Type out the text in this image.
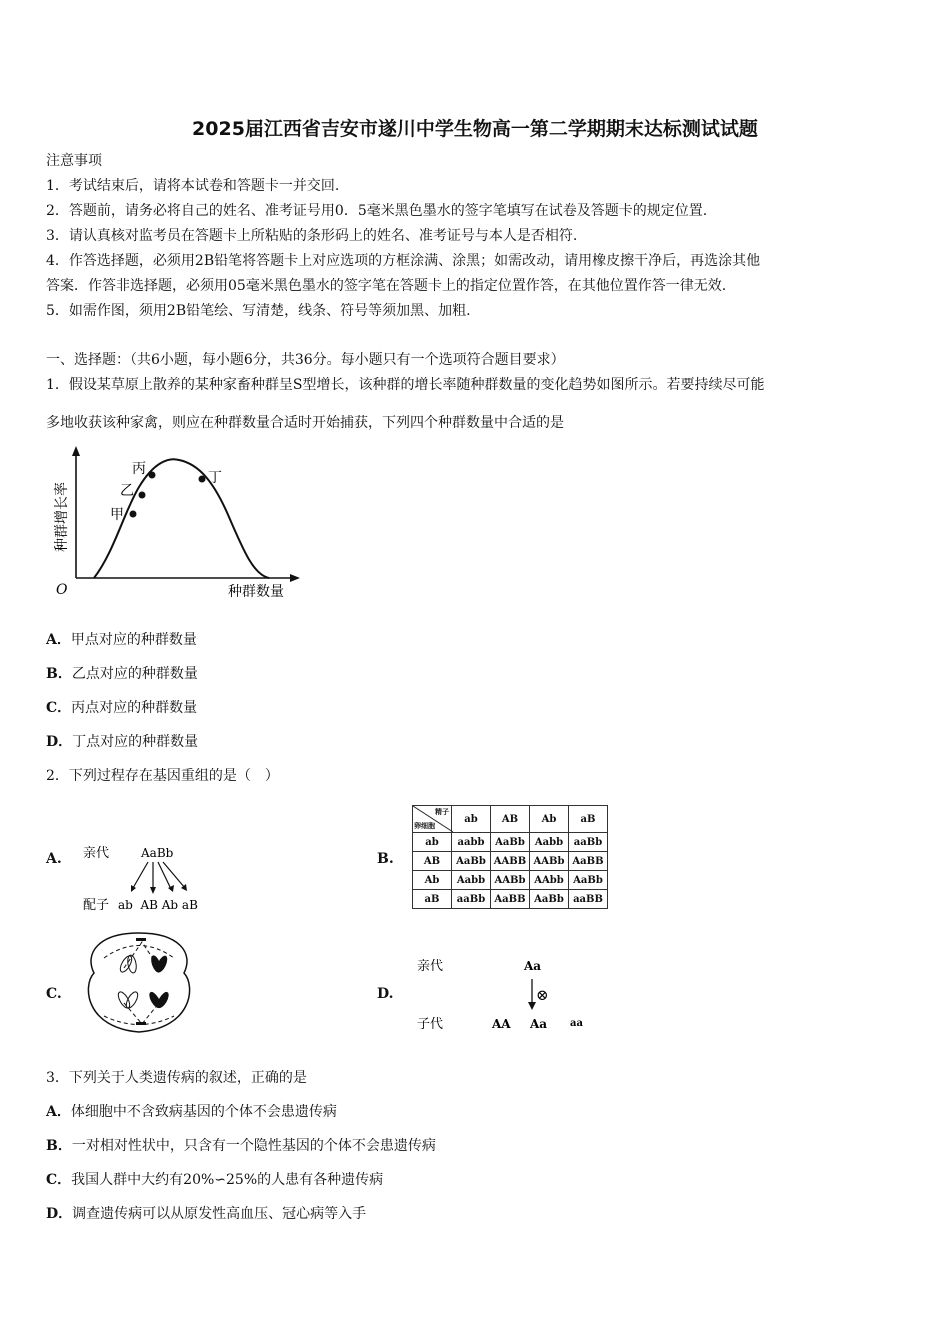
2025届江西省吉安市遂川中学生物高一第二学期期末达标测试试题
注意事项
1．考试结束后，请将本试卷和答题卡一并交回.
2．答题前，请务必将自己的姓名、准考证号用0．5毫米黑色墨水的签字笔填写在试卷及答题卡的规定位置.
3．请认真核对监考员在答题卡上所粘贴的条形码上的姓名、准考证号与本人是否相符.
4．作答选择题，必须用2B铅笔将答题卡上对应选项的方框涂满、涂黑；如需改动，请用橡皮擦干净后，再选涂其他
答案．作答非选择题，必须用05毫米黑色墨水的签字笔在答题卡上的指定位置作答，在其他位置作答一律无效.
5．如需作图，须用2B铅笔绘、写清楚，线条、符号等须加黑、加粗.
一、选择题：（共6小题，每小题6分，共36分。每小题只有一个选项符合题目要求）
1．假设某草原上散养的某种家畜种群呈S型增长，该种群的增长率随种群数量的变化趋势如图所示。若要持续尽可能
多地收获该种家禽，则应在种群数量合适时开始捕获，下列四个种群数量中合适的是
甲
乙
丙
丁
O	种群数量
种群增长率
A．甲点对应的种群数量
B．乙点对应的种群数量
C．丙点对应的种群数量
D．丁点对应的种群数量
2．下列过程存在基因重组的是（　）
A. 亲代	AaBb
配子 ab  AB Ab aB
B.
精子
卵细胞	ab	AB	Ab	aB
ab	aabb	AaBb	Aabb	aaBb
AB	AaBb	AABB	AABb	AaBB
Ab	Aabb	AABb	AAbb	AaBb
aB	aaBb	AaBB	AaBb	aaBB
C.	D.
亲代	Aa
⊗
子代	AA Aa aa
3．下列关于人类遗传病的叙述，正确的是
A．体细胞中不含致病基因的个体不会患遗传病
B．一对相对性状中，只含有一个隐性基因的个体不会患遗传病
C．我国人群中大约有20%∽25%的人患有各种遗传病
D．调查遗传病可以从原发性高血压、冠心病等入手
